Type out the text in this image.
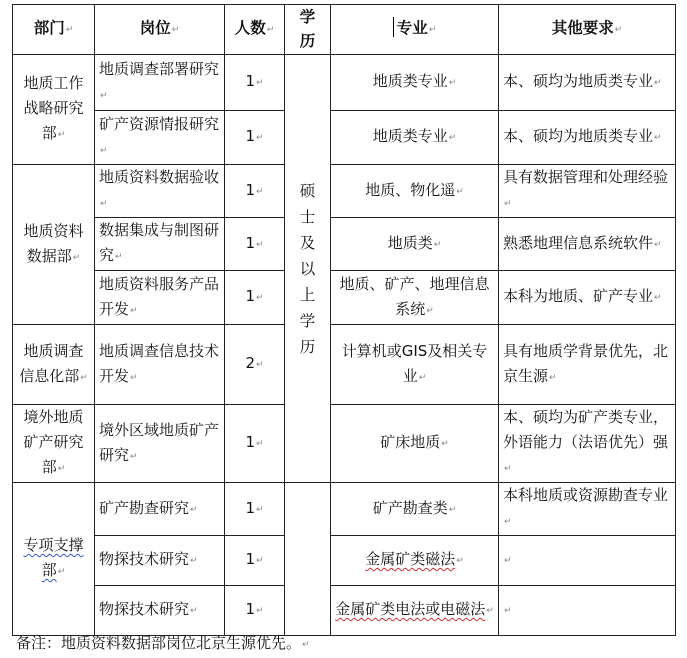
部门↵	岗位↵	人数↵	学历	专业↵	其他要求↵
地质工作战略研究部↵	地质调查部署研究↵	1↵	硕士及以上学历	地质类专业↵	本、硕均为地质类专业↵
	矿产资源情报研究↵	1↵		地质类专业↵	本、硕均为地质类专业↵
地质资料数据部↵	地质资料数据验收↵	1↵		地质、物化遥↵	具有数据管理和处理经验↵
	数据集成与制图研究↵	1↵		地质类↵	熟悉地理信息系统软件↵
	地质资料服务产品开发↵	1↵		地质、矿产、地理信息系统↵	本科为地质、矿产专业↵
地质调查信息化部↵	地质调查信息技术开发↵	2↵		计算机或GIS及相关专业↵	具有地质学背景优先，北京生源↵
境外地质矿产研究部↵	境外区域地质矿产研究↵	1↵		矿床地质↵	本、硕均为矿产类专业，外语能力（法语优先）强↵
专项支撑部↵	矿产勘查研究↵	1↵		矿产勘查类↵	本科地质或资源勘查专业↵
	物探技术研究↵	1↵		金属矿类磁法↵	↵
	物探技术研究↵	1↵		金属矿类电法或电磁法↵	↵
备注：地质资料数据部岗位北京生源优先。↵
